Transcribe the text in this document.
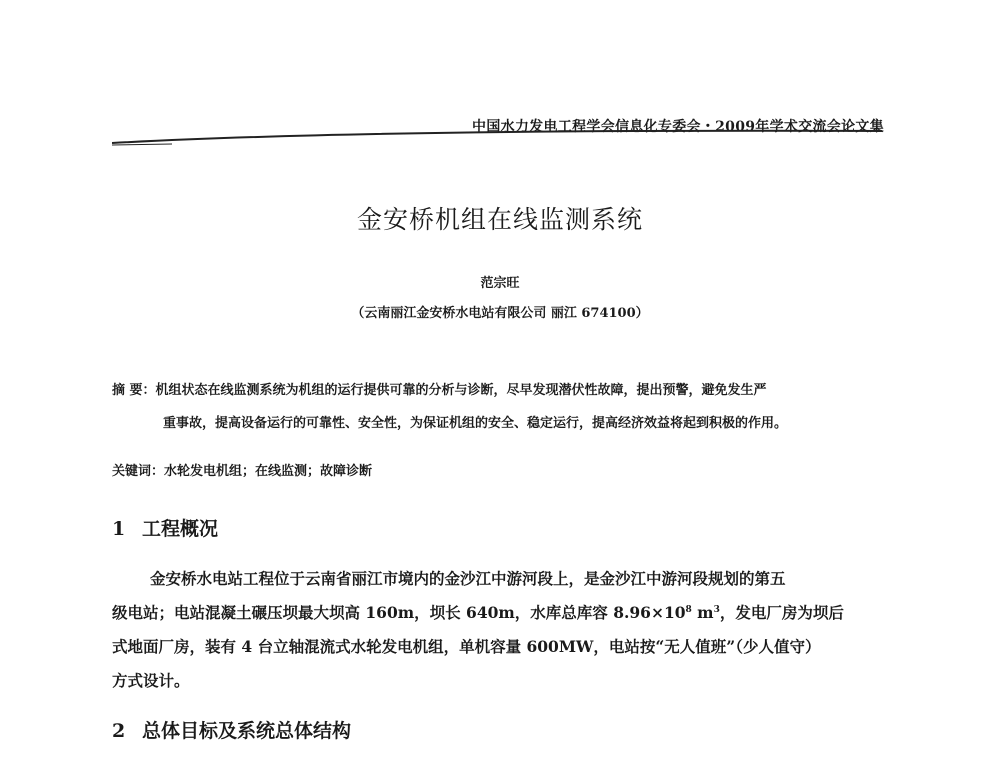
中国水力发电工程学会信息化专委会・2009年学术交流会论文集
金安桥机组在线监测系统
范宗旺
（云南丽江金安桥水电站有限公司 丽江 674100）
摘 要：机组状态在线监测系统为机组的运行提供可靠的分析与诊断，尽早发现潜伏性故障，提出预警，避免发生严
重事故，提高设备运行的可靠性、安全性，为保证机组的安全、稳定运行，提高经济效益将起到积极的作用。
关键词：水轮发电机组；在线监测；故障诊断
1 工程概况
金安桥水电站工程位于云南省丽江市境内的金沙江中游河段上，是金沙江中游河段规划的第五
级电站；电站混凝土碾压坝最大坝高 160m，坝长 640m，水库总库容 $8.96\times 10^8$ $m^3$，发电厂房为坝后
式地面厂房，装有 4 台立轴混流式水轮发电机组，单机容量 600MW，电站按“无人值班”（少人值守）
方式设计。
2 总体目标及系统总体结构
